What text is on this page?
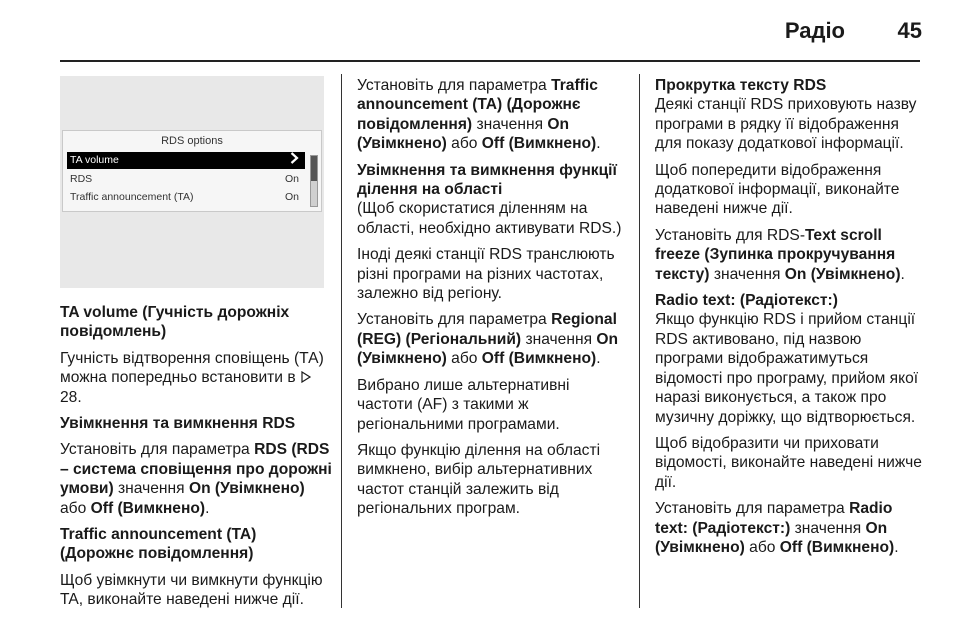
Радіо 45
RDS options
TA volume
RDS	On
Traffic announcement (TA)	On

TA volume (Гучність дорожніх повідомлень)

Гучність відтворення сповіщень (ТА) можна попередньо встановити в  28.

Увімкнення та вимкнення RDS

Установіть для параметра RDS (RDS – система сповіщення про дорожні умови) значення On (Увімкнено) або Off (Вимкнено).

Traffic announcement (TA) (Дорожнє повідомлення)

Щоб увімкнути чи вимкнути функцію TA, виконайте наведені нижче дії.

Установіть для параметра Traffic announcement (TA) (Дорожнє повідомлення) значення On (Увімкнено) або Off (Вимкнено).

Увімкнення та вимкнення функції ділення на області

(Щоб скористатися діленням на області, необхідно активувати RDS.)

Іноді деякі станції RDS транслюють різні програми на різних частотах, залежно від регіону.

Установіть для параметра Regional (REG) (Регіональний) значення On (Увімкнено) або Off (Вимкнено).

Вибрано лише альтернативні частоти (AF) з такими ж регіональними програмами.

Якщо функцію ділення на області вимкнено, вибір альтернативних частот станцій залежить від регіональних програм.

Прокрутка тексту RDS

Деякі станції RDS приховують назву програми в рядку її відображення для показу додаткової інформації.

Щоб попередити відображення додаткової інформації, виконайте наведені нижче дії.

Установіть для RDS-Text scroll freeze (Зупинка прокручування тексту) значення On (Увімкнено).

Radio text: (Радіотекст:)

Якщо функцію RDS і прийом станції RDS активовано, під назвою програми відображатимуться відомості про програму, прийом якої наразі виконується, а також про музичну доріжку, що відтворюється.

Щоб відобразити чи приховати відомості, виконайте наведені нижче дії.

Установіть для параметра Radio text: (Радіотекст:) значення On (Увімкнено) або Off (Вимкнено).
